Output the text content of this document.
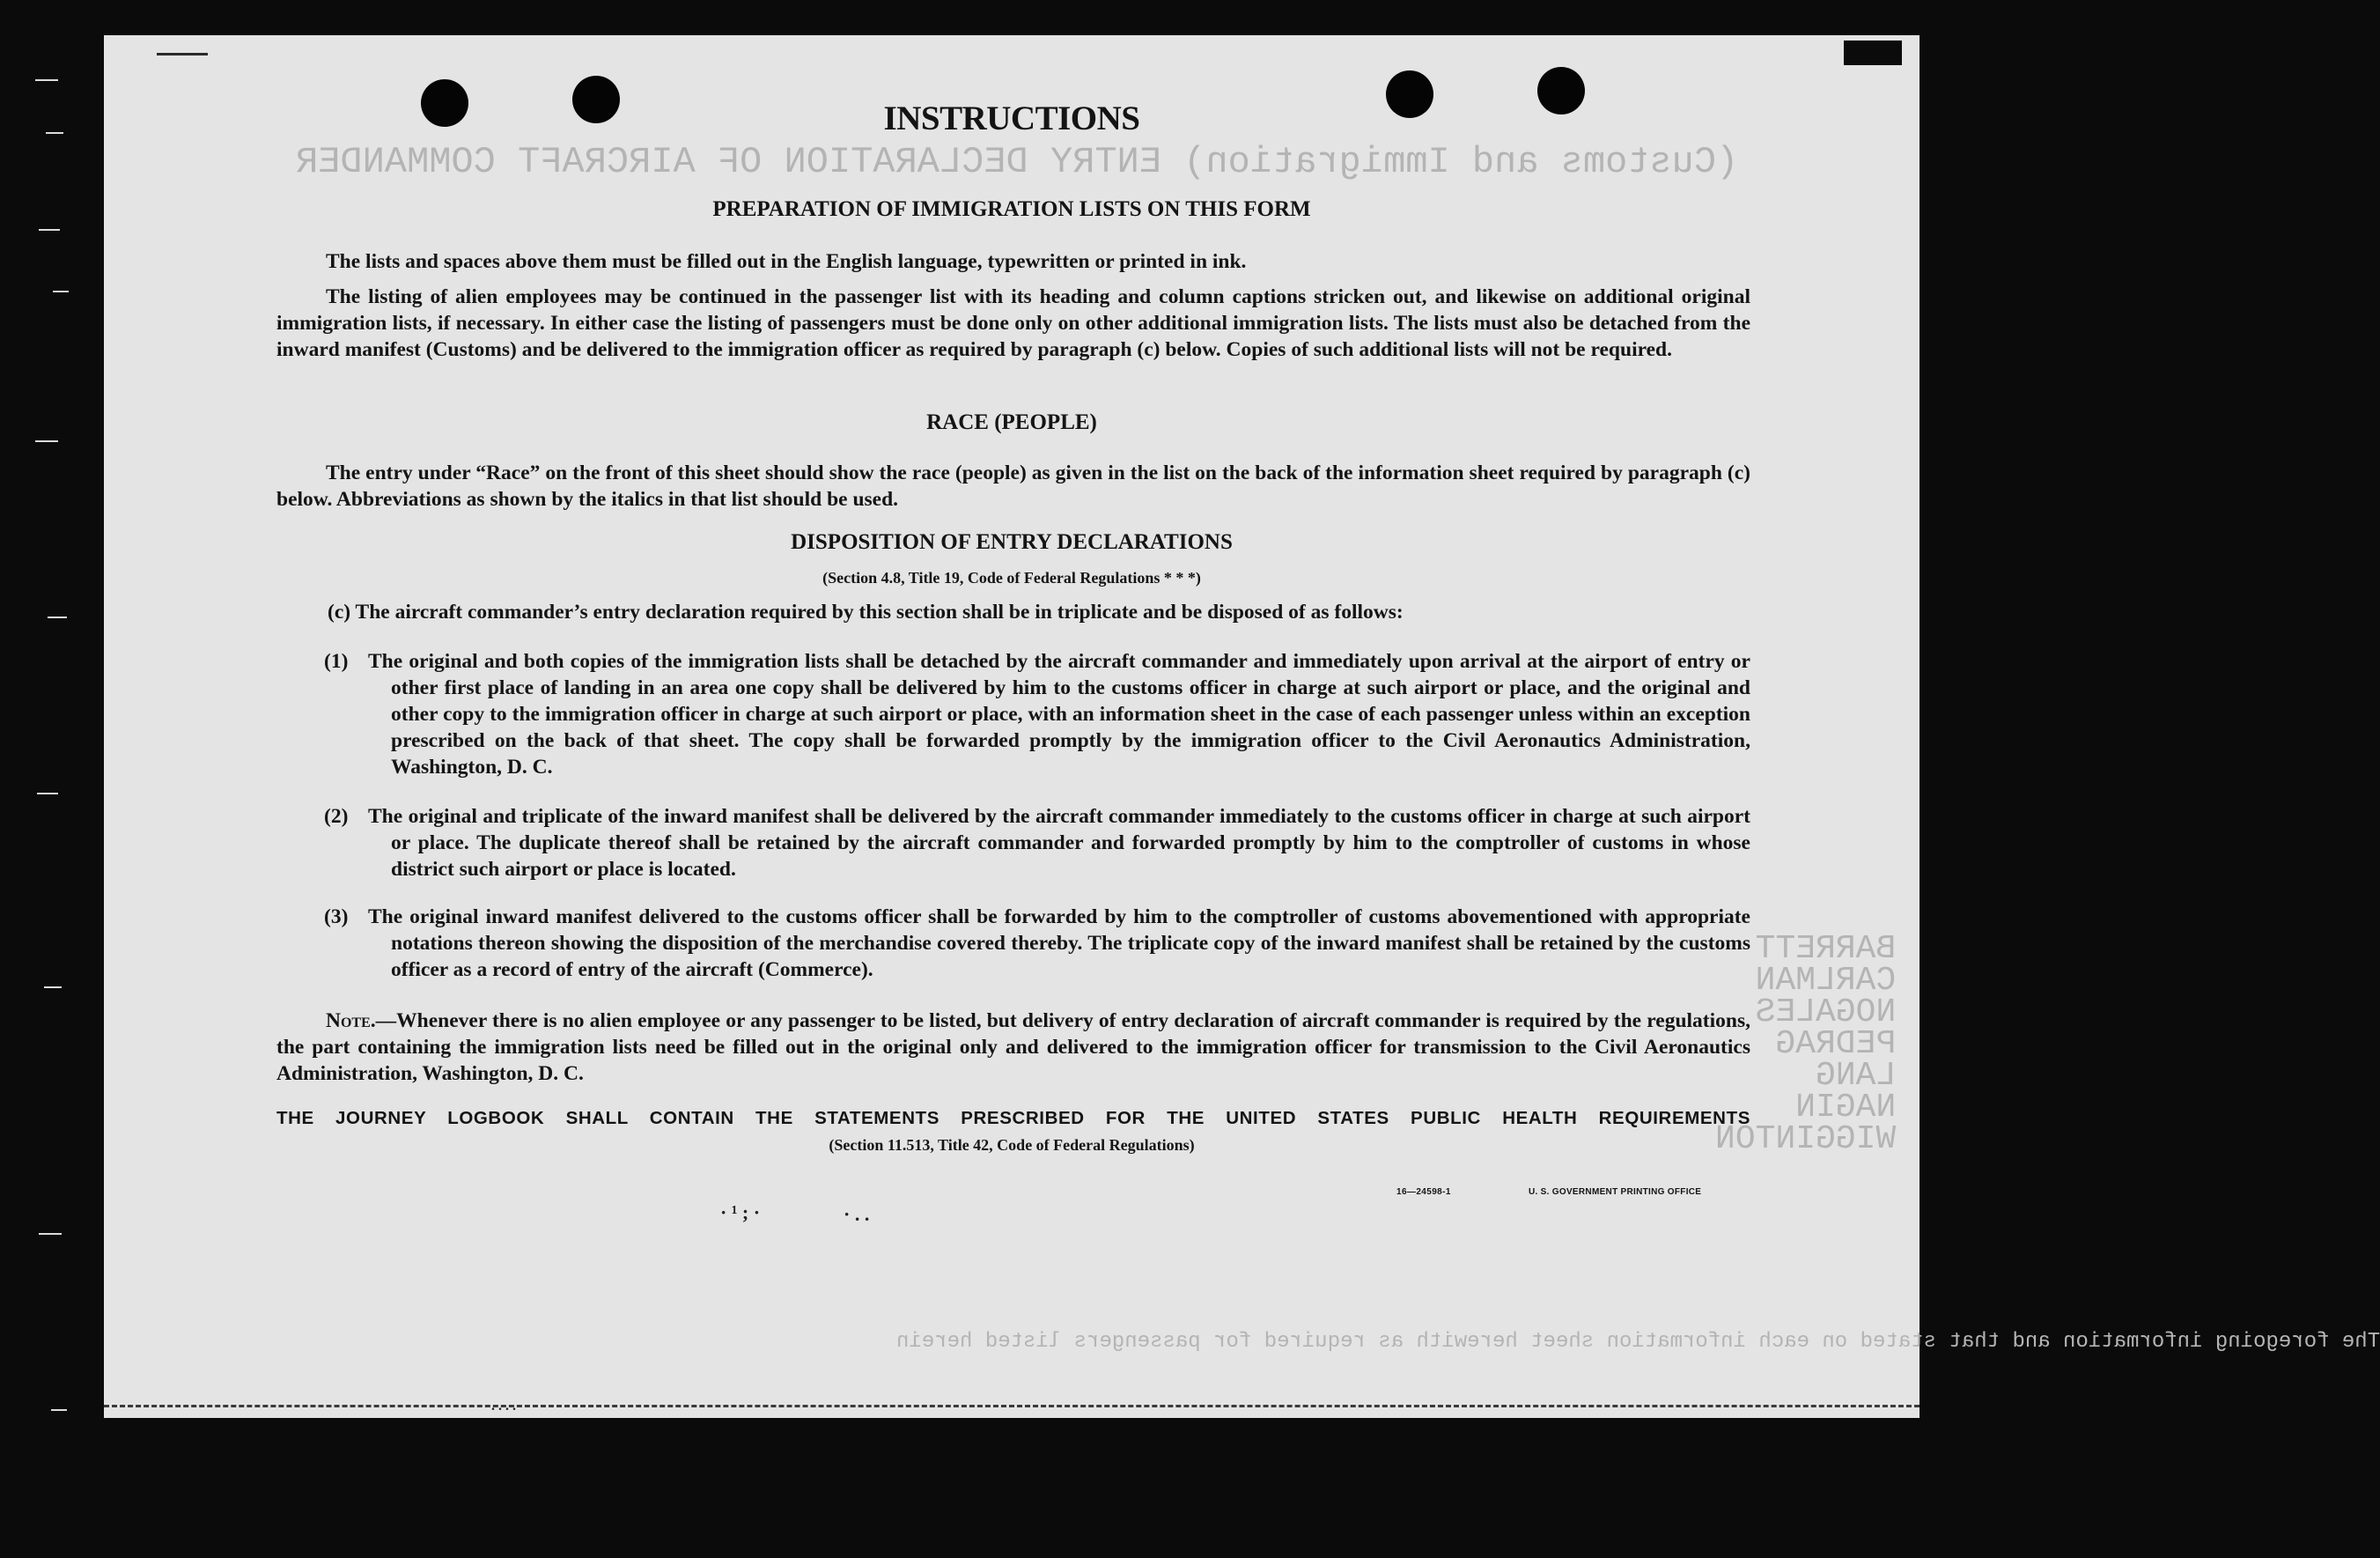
(Customs and Immigration) ENTRY DECLARATION OF AIRCRAFT COMMANDER
BARRETT
CARLMAN
NOGALES
PEDRAG
LANG
NAGIN
WIGGINTON
The foregoing information and that stated on each information sheet herewith as required for passengers listed herein
INSTRUCTIONS
PREPARATION OF IMMIGRATION LISTS ON THIS FORM
The lists and spaces above them must be filled out in the English language, typewritten or printed in ink.
The listing of alien employees may be continued in the passenger list with its heading and column captions stricken out, and likewise on additional original immigration lists, if necessary. In either case the listing of passengers must be done only on other additional immigration lists. The lists must also be detached from the inward manifest (Customs) and be delivered to the immigration officer as required by paragraph (c) below. Copies of such additional lists will not be required.
RACE (PEOPLE)
The entry under “Race” on the front of this sheet should show the race (people) as given in the list on the back of the information sheet required by paragraph (c) below. Abbreviations as shown by the italics in that list should be used.
DISPOSITION OF ENTRY DECLARATIONS
(Section 4.8, Title 19, Code of Federal Regulations * * *)
(c) The aircraft commander’s entry declaration required by this section shall be in triplicate and be disposed of as follows:
(1) The original and both copies of the immigration lists shall be detached by the aircraft commander and immediately upon arrival at the airport of entry or other first place of landing in an area one copy shall be delivered by him to the customs officer in charge at such airport or place, and the original and other copy to the immigration officer in charge at such airport or place, with an information sheet in the case of each passenger unless within an exception prescribed on the back of that sheet. The copy shall be forwarded promptly by the immigration officer to the Civil Aeronautics Administration, Washington, D. C.
(2) The original and triplicate of the inward manifest shall be delivered by the aircraft commander immediately to the customs officer in charge at such airport or place. The duplicate thereof shall be retained by the aircraft commander and forwarded promptly by him to the comptroller of customs in whose district such airport or place is located.
(3) The original inward manifest delivered to the customs officer shall be forwarded by him to the comptroller of customs abovementioned with appropriate notations thereon showing the disposition of the merchandise covered thereby. The triplicate copy of the inward manifest shall be retained by the customs officer as a record of entry of the aircraft (Commerce).
Note.—Whenever there is no alien employee or any passenger to be listed, but delivery of entry declaration of aircraft commander is required by the regulations, the part containing the immigration lists need be filled out in the original only and delivered to the immigration officer for transmission to the Civil Aeronautics Administration, Washington, D. C.
THE JOURNEY LOGBOOK SHALL CONTAIN THE STATEMENTS PRESCRIBED FOR THE UNITED STATES PUBLIC HEALTH REQUIREMENTS
(Section 11.513, Title 42, Code of Federal Regulations)
16—24598-1	U. S. GOVERNMENT PRINTING OFFICE
· ¹ ; ·	· . .
. . . .
